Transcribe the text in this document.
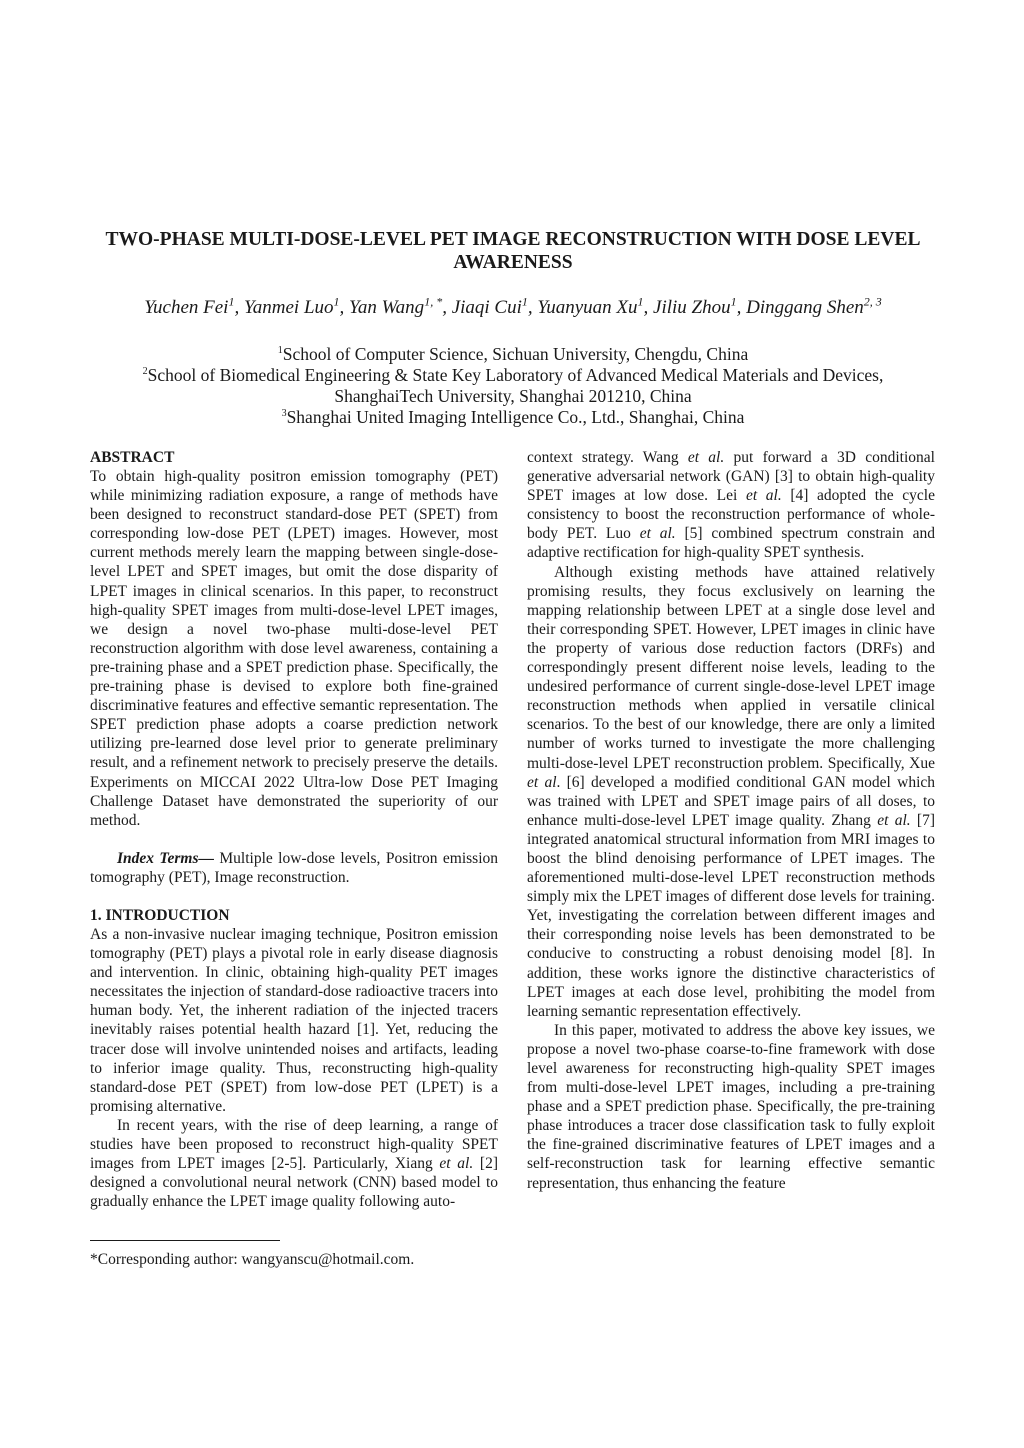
TWO-PHASE MULTI-DOSE-LEVEL PET IMAGE RECONSTRUCTION WITH DOSE LEVEL
AWARENESS
Yuchen Fei$^1$, Yanmei Luo$^1$, Yan Wang$^{1, *}$, Jiaqi Cui$^1$, Yuanyuan Xu$^1$, Jiliu Zhou$^1$, Dinggang Shen$^{2, 3}$
$^1$School of Computer Science, Sichuan University, Chengdu, China
$^2$School of Biomedical Engineering & State Key Laboratory of Advanced Medical Materials and Devices,
ShanghaiTech University, Shanghai 201210, China
$^3$Shanghai United Imaging Intelligence Co., Ltd., Shanghai, China

ABSTRACT

To obtain high-quality positron emission tomography (PET) while minimizing radiation exposure, a range of methods have been designed to reconstruct standard-dose PET (SPET) from corresponding low-dose PET (LPET) images. However, most current methods merely learn the mapping between single-dose-level LPET and SPET images, but omit the dose disparity of LPET images in clinical scenarios. In this paper, to reconstruct high-quality SPET images from multi-dose-level LPET images, we design a novel two-phase multi-dose-level PET reconstruction algorithm with dose level awareness, containing a pre-training phase and a SPET prediction phase. Specifically, the pre-training phase is devised to explore both fine-grained discriminative features and effective semantic representation. The SPET prediction phase adopts a coarse prediction network utilizing pre-learned dose level prior to generate preliminary result, and a refinement network to precisely preserve the details. Experiments on MICCAI 2022 Ultra-low Dose PET Imaging Challenge Dataset have demonstrated the superiority of our method.

Index Terms— Multiple low-dose levels, Positron emission tomography (PET), Image reconstruction.

1. INTRODUCTION

As a non-invasive nuclear imaging technique, Positron emission tomography (PET) plays a pivotal role in early disease diagnosis and intervention. In clinic, obtaining high-quality PET images necessitates the injection of standard-dose radioactive tracers into human body. Yet, the inherent radiation of the injected tracers inevitably raises potential health hazard [1]. Yet, reducing the tracer dose will involve unintended noises and artifacts, leading to inferior image quality. Thus, reconstructing high-quality standard-dose PET (SPET) from low-dose PET (LPET) is a promising alternative.

In recent years, with the rise of deep learning, a range of studies have been proposed to reconstruct high-quality SPET images from LPET images [2-5]. Particularly, Xiang et al. [2] designed a convolutional neural network (CNN) based model to gradually enhance the LPET image quality following auto-

context strategy. Wang et al. put forward a 3D conditional generative adversarial network (GAN) [3] to obtain high-quality SPET images at low dose. Lei et al. [4] adopted the cycle consistency to boost the reconstruction performance of whole-body PET. Luo et al. [5] combined spectrum constrain and adaptive rectification for high-quality SPET synthesis.

Although existing methods have attained relatively promising results, they focus exclusively on learning the mapping relationship between LPET at a single dose level and their corresponding SPET. However, LPET images in clinic have the property of various dose reduction factors (DRFs) and correspondingly present different noise levels, leading to the undesired performance of current single-dose-level LPET image reconstruction methods when applied in versatile clinical scenarios. To the best of our knowledge, there are only a limited number of works turned to investigate the more challenging multi-dose-level LPET reconstruction problem. Specifically, Xue et al. [6] developed a modified conditional GAN model which was trained with LPET and SPET image pairs of all doses, to enhance multi-dose-level LPET image quality. Zhang et al. [7] integrated anatomical structural information from MRI images to boost the blind denoising performance of LPET images. The aforementioned multi-dose-level LPET reconstruction methods simply mix the LPET images of different dose levels for training. Yet, investigating the correlation between different images and their corresponding noise levels has been demonstrated to be conducive to constructing a robust denoising model [8]. In addition, these works ignore the distinctive characteristics of LPET images at each dose level, prohibiting the model from learning semantic representation effectively.

In this paper, motivated to address the above key issues, we propose a novel two-phase coarse-to-fine framework with dose level awareness for reconstructing high-quality SPET images from multi-dose-level LPET images, including a pre-training phase and a SPET prediction phase. Specifically, the pre-training phase introduces a tracer dose classification task to fully exploit the fine-grained discriminative features of LPET images and a self-reconstruction task for learning effective semantic representation, thus enhancing the feature

*Corresponding author: wangyanscu@hotmail.com.
